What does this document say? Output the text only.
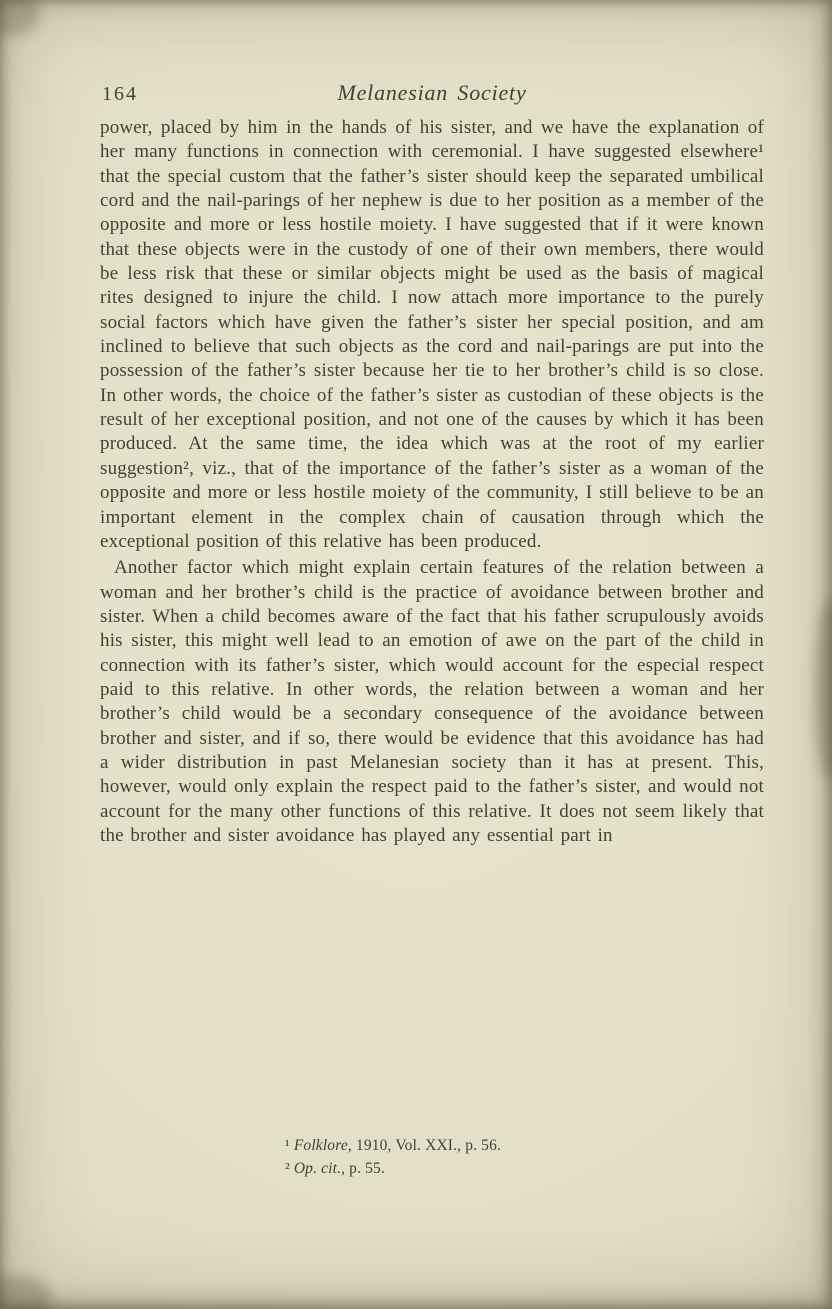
164	Melanesian Society

power, placed by him in the hands of his sister, and we have the explanation of her many functions in connection with ceremonial. I have suggested elsewhere¹ that the special custom that the father’s sister should keep the separated umbilical cord and the nail-parings of her nephew is due to her position as a member of the opposite and more or less hostile moiety. I have suggested that if it were known that these objects were in the custody of one of their own members, there would be less risk that these or similar objects might be used as the basis of magical rites designed to injure the child. I now attach more importance to the purely social factors which have given the father’s sister her special position, and am inclined to believe that such objects as the cord and nail-parings are put into the possession of the father’s sister because her tie to her brother’s child is so close. In other words, the choice of the father’s sister as custodian of these objects is the result of her exceptional position, and not one of the causes by which it has been produced. At the same time, the idea which was at the root of my earlier suggestion², viz., that of the importance of the father’s sister as a woman of the opposite and more or less hostile moiety of the community, I still believe to be an important element in the complex chain of causation through which the exceptional position of this relative has been produced.

Another factor which might explain certain features of the relation between a woman and her brother’s child is the practice of avoidance between brother and sister. When a child becomes aware of the fact that his father scrupulously avoids his sister, this might well lead to an emotion of awe on the part of the child in connection with its father’s sister, which would account for the especial respect paid to this relative. In other words, the relation between a woman and her brother’s child would be a secondary consequence of the avoidance between brother and sister, and if so, there would be evidence that this avoidance has had a wider distribution in past Melanesian society than it has at present. This, however, would only explain the respect paid to the father’s sister, and would not account for the many other functions of this relative. It does not seem likely that the brother and sister avoidance has played any essential part in

¹ Folklore, 1910, Vol. XXI., p. 56.
² Op. cit., p. 55.
